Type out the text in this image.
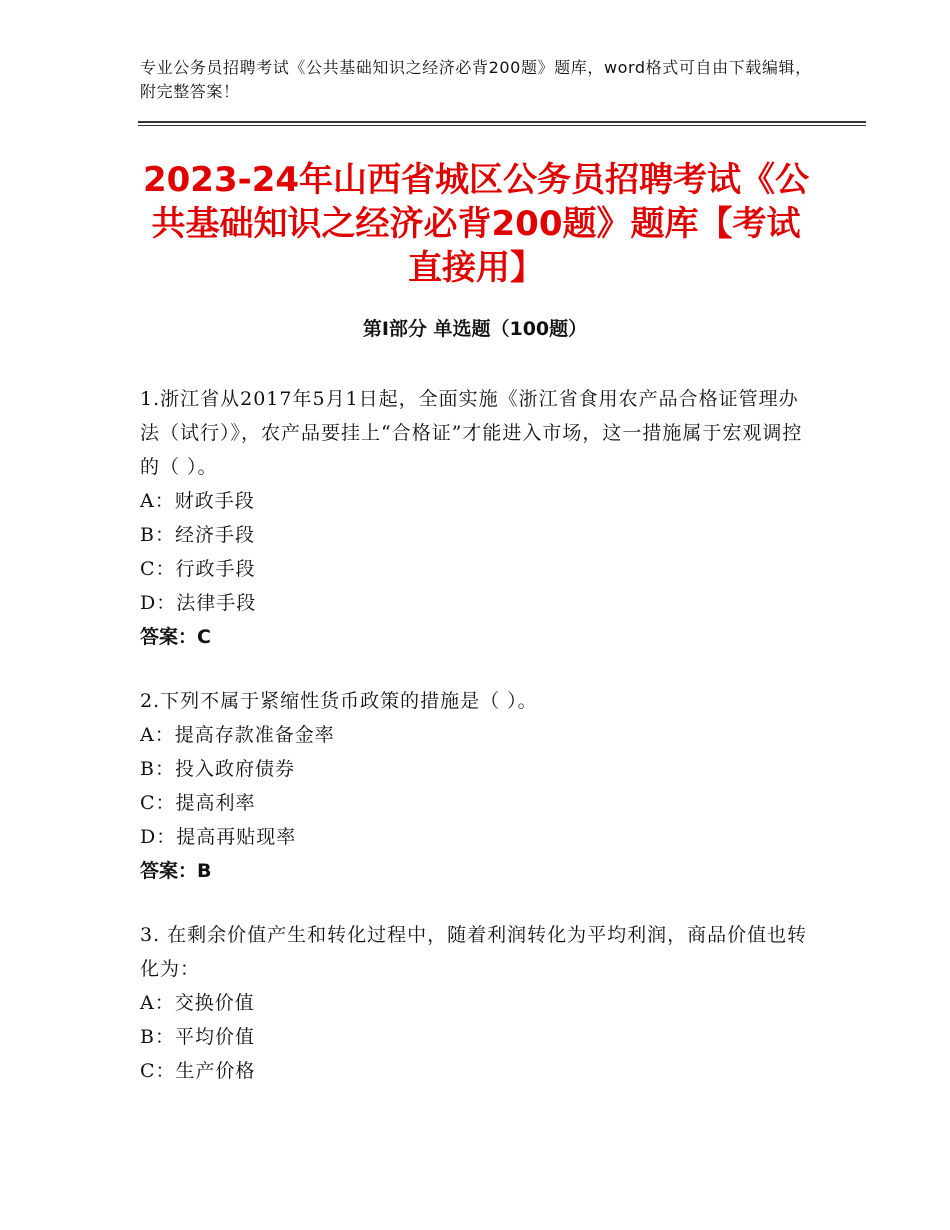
专业公务员招聘考试《公共基础知识之经济必背200题》题库，word格式可自由下载编辑，附完整答案！
2023-24年山西省城区公务员招聘考试《公共基础知识之经济必背200题》题库【考试直接用】
第Ⅰ部分 单选题（100题）
1.浙江省从2017年5月1日起，全面实施《浙江省食用农产品合格证管理办法（试行）》，农产品要挂上“合格证”才能进入市场，这一措施属于宏观调控的（ ）。
A：财政手段
B：经济手段
C：行政手段
D：法律手段
答案：C
2.下列不属于紧缩性货币政策的措施是（ ）。
A：提高存款准备金率
B：投入政府债券
C：提高利率
D：提高再贴现率
答案：B
3. 在剩余价值产生和转化过程中，随着利润转化为平均利润，商品价值也转化为：
A：交换价值
B：平均价值
C：生产价格
